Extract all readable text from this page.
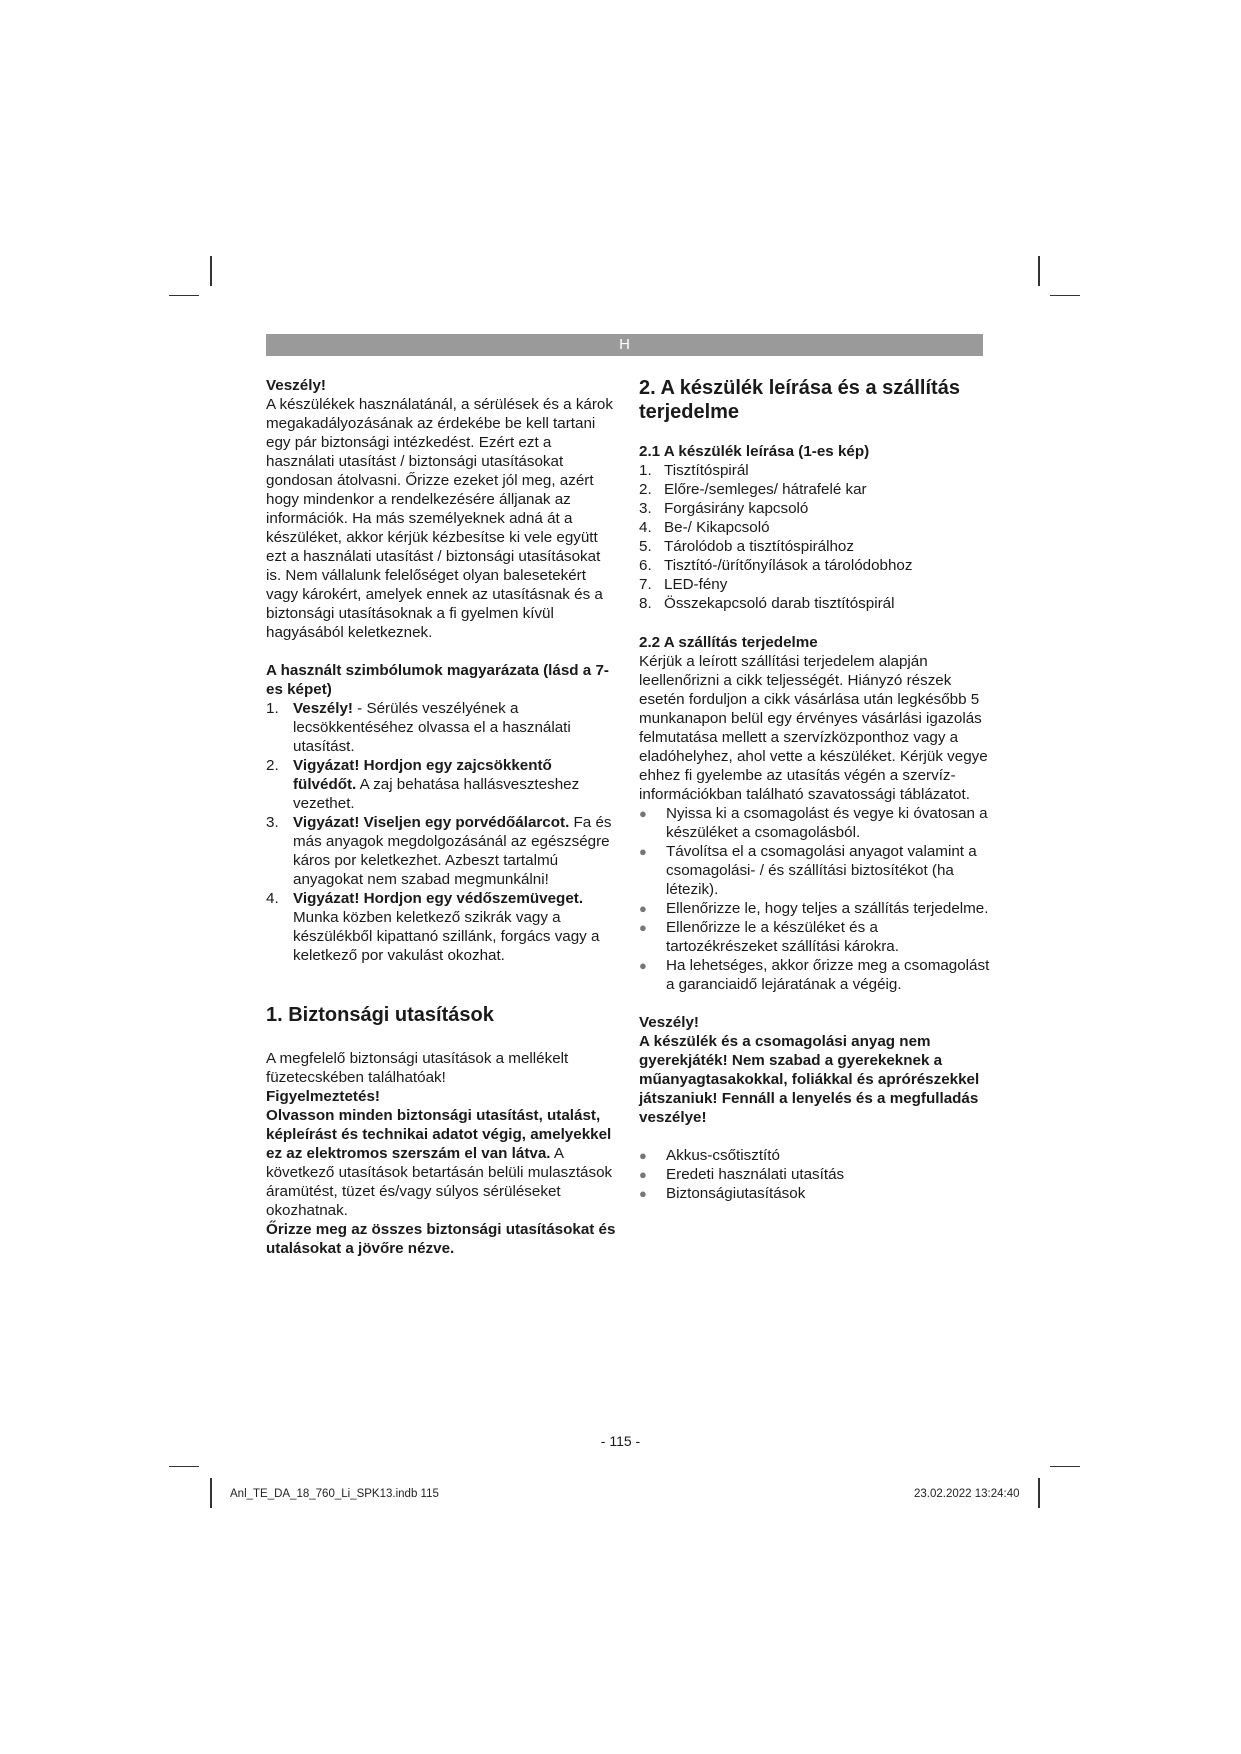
H

Veszély!

A készülékek használatánál, a sérülések és a károk megakadályozásának az érdekébe be kell tartani egy pár biztonsági intézkedést. Ezért ezt a használati utasítást / biztonsági utasításokat gondosan átolvasni. Őrizze ezeket jól meg, azért hogy mindenkor a rendelkezésére álljanak az információk. Ha más személyeknek adná át a készüléket, akkor kérjük kézbesítse ki vele együtt ezt a használati utasítást / biztonsági utasításokat is. Nem vállalunk felelőséget olyan balesetekért vagy károkért, amelyek ennek az utasításnak és a biztonsági utasításoknak a fi gyelmen kívül hagyásából keletkeznek.

A használt szimbólumok magyarázata (lásd a 7-es képet)

1. Veszély! - Sérülés veszélyének a lecsökkentéséhez olvassa el a használati utasítást.
2. Vigyázat! Hordjon egy zajcsökkentő fülvédőt. A zaj behatása hallásveszteshez vezethet.
3. Vigyázat! Viseljen egy porvédőálarcot. Fa és más anyagok megdolgozásánál az egészségre káros por keletkezhet. Azbeszt tartalmú anyagokat nem szabad megmunkálni!
4. Vigyázat! Hordjon egy védőszemüveget. Munka közben keletkező szikrák vagy a készülékből kipattanó szillánk, forgács vagy a keletkező por vakulást okozhat.
1. Biztonsági utasítások

A megfelelő biztonsági utasítások a mellékelt füzetecskében találhatóak!

Figyelmeztetés!

Olvasson minden biztonsági utasítást, utalást, képleírást és technikai adatot végig, amelyekkel ez az elektromos szerszám el van látva. A következő utasítások betartásán belüli mulasztások áramütést, tüzet és/vagy súlyos sérüléseket okozhatnak.

Őrizze meg az összes biztonsági utasításokat és utalásokat a jövőre nézve.

2. A készülék leírása és a szállítás terjedelme

2.1 A készülék leírása (1-es kép)

1. Tisztítóspirál
2. Előre-/semleges/ hátrafelé kar
3. Forgásirány kapcsoló
4. Be-/ Kikapcsoló
5. Tárolódob a tisztítóspirálhoz
6. Tisztító-/ürítőnyílások a tárolódobhoz
7. LED-fény
8. Összekapcsoló darab tisztítóspirál

2.2 A szállítás terjedelme

Kérjük a leírott szállítási terjedelem alapján leellenőrizni a cikk teljességét. Hiányzó részek esetén forduljon a cikk vásárlása után legkésőbb 5 munkanapon belül egy érvényes vásárlási igazolás felmutatása mellett a szervízközponthoz vagy a eladóhelyhez, ahol vette a készüléket. Kérjük vegye ehhez fi gyelembe az utasítás végén a szervíz-információkban található szavatossági táblázatot.

● Nyissa ki a csomagolást és vegye ki óvatosan a készüléket a csomagolásból.
● Távolítsa el a csomagolási anyagot valamint a csomagolási- / és szállítási biztosítékot (ha létezik).
● Ellenőrizze le, hogy teljes a szállítás terjedelme.
● Ellenőrizze le a készüléket és a tartozékrészeket szállítási károkra.
● Ha lehetséges, akkor őrizze meg a csomagolást a garanciaidő lejáratának a végéig.

Veszély!

A készülék és a csomagolási anyag nem gyerekjáték! Nem szabad a gyerekeknek a műanyagtasakokkal, foliákkal és aprórészekkel játszaniuk! Fennáll a lenyelés és a megfulladás veszélye!

● Akkus-csőtisztító
● Eredeti használati utasítás
● Biztonságiutasítások
- 115 -
Anl_TE_DA_18_760_Li_SPK13.indb 115	23.02.2022 13:24:40
